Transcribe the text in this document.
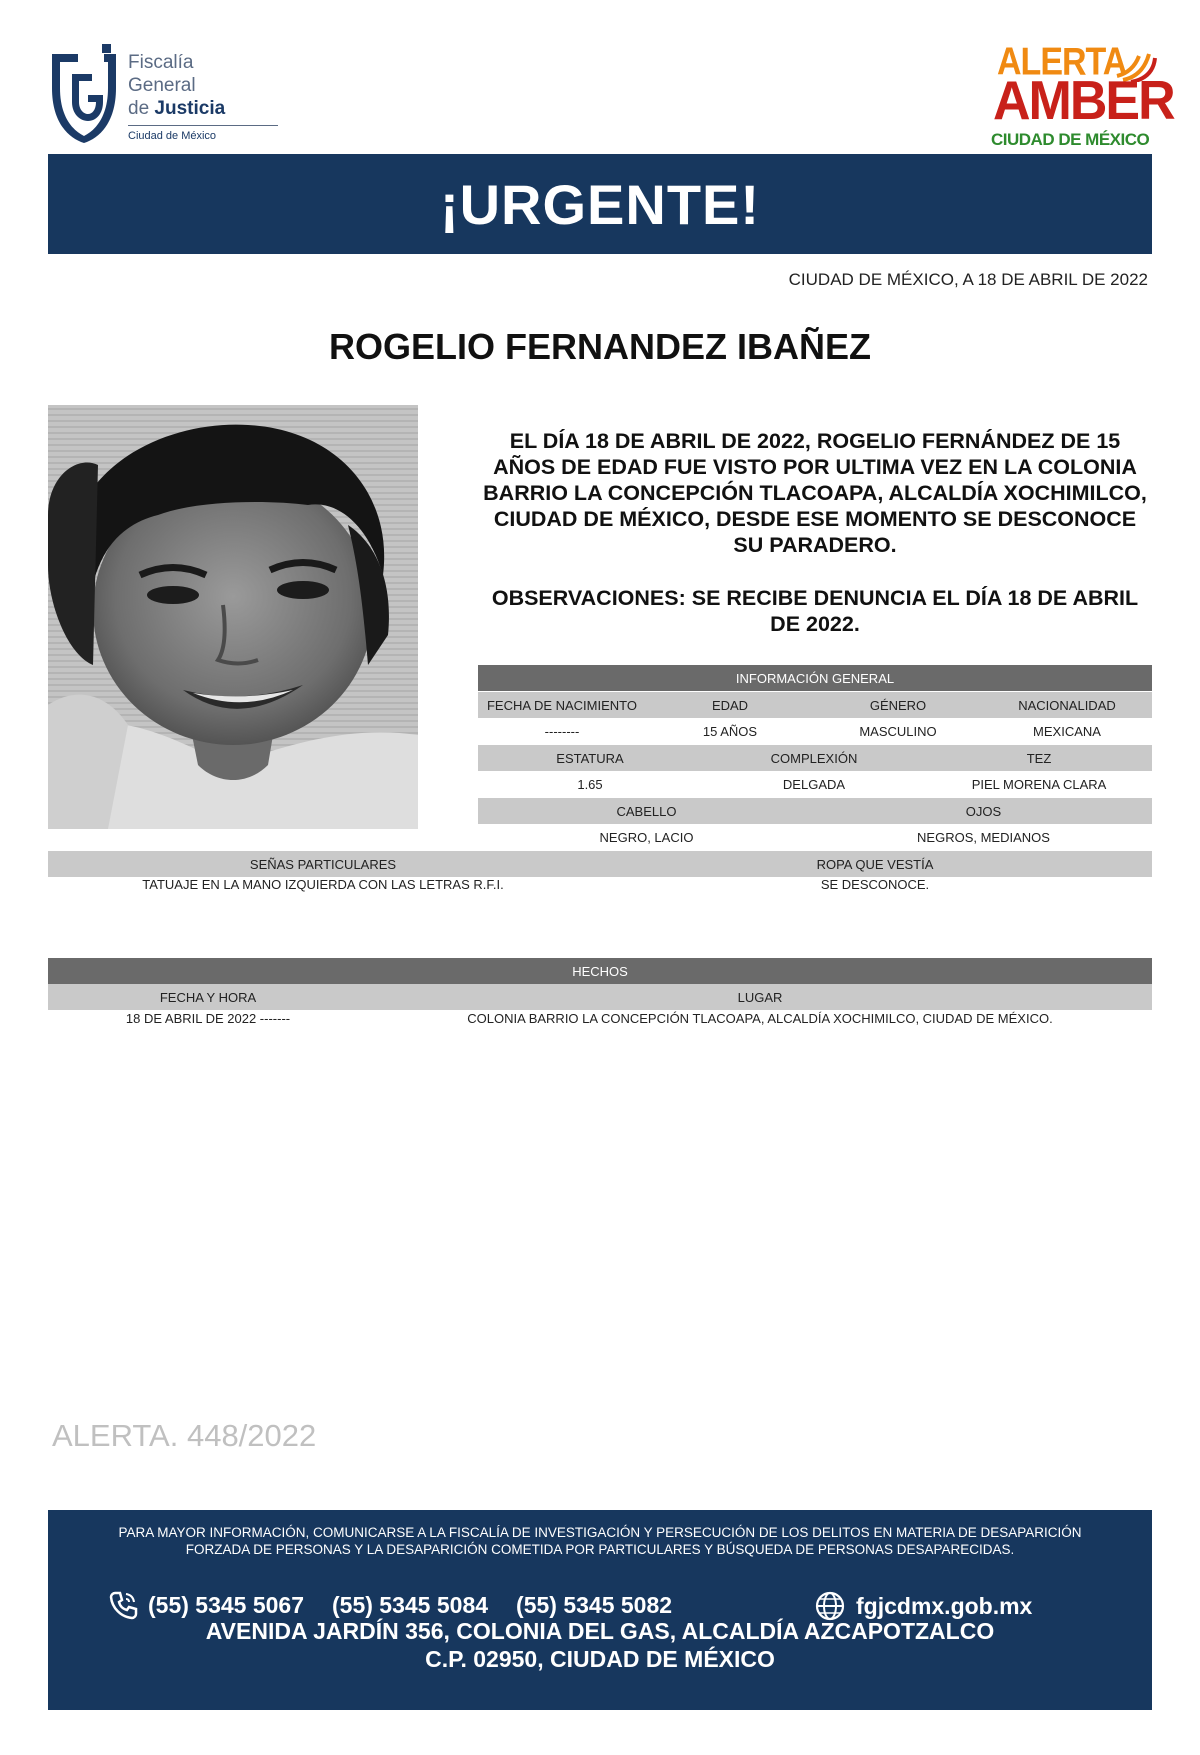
Fiscalía
General
de Justicia
Ciudad de México
ALERTA
AMBER
CIUDAD DE MÉXICO
¡URGENTE!
CIUDAD DE MÉXICO, A 18 DE ABRIL DE 2022
ROGELIO FERNANDEZ IBAÑEZ
EL DÍA 18 DE ABRIL DE 2022, ROGELIO FERNÁNDEZ DE 15 AÑOS DE EDAD FUE VISTO POR ULTIMA VEZ EN LA COLONIA BARRIO LA CONCEPCIÓN TLACOAPA, ALCALDÍA XOCHIMILCO, CIUDAD DE MÉXICO, DESDE ESE MOMENTO SE DESCONOCE SU PARADERO.
OBSERVACIONES: SE RECIBE DENUNCIA EL DÍA 18 DE ABRIL DE 2022.
INFORMACIÓN GENERAL
FECHA DE NACIMIENTO	EDAD	GÉNERO	NACIONALIDAD
--------	15 AÑOS	MASCULINO	MEXICANA
ESTATURA	COMPLEXIÓN	TEZ
1.65	DELGADA	PIEL MORENA CLARA
CABELLO	OJOS
NEGRO, LACIO	NEGROS, MEDIANOS
SEÑAS PARTICULARES	ROPA QUE VESTÍA
TATUAJE EN LA MANO IZQUIERDA CON LAS LETRAS R.F.I.	SE DESCONOCE.
HECHOS
FECHA Y HORA	LUGAR
18 DE ABRIL DE 2022 -------	COLONIA BARRIO LA CONCEPCIÓN TLACOAPA, ALCALDÍA XOCHIMILCO, CIUDAD DE MÉXICO.
ALERTA. 448/2022
PARA MAYOR INFORMACIÓN, COMUNICARSE A LA FISCALÍA DE INVESTIGACIÓN Y PERSECUCIÓN DE LOS DELITOS EN MATERIA DE DESAPARICIÓN
FORZADA DE PERSONAS Y LA DESAPARICIÓN COMETIDA POR PARTICULARES Y BÚSQUEDA DE PERSONAS DESAPARECIDAS.
(55) 5345 5067 (55) 5345 5084 (55) 5345 5082	fgjcdmx.gob.mx
AVENIDA JARDÍN 356, COLONIA DEL GAS, ALCALDÍA AZCAPOTZALCO
C.P. 02950, CIUDAD DE MÉXICO
